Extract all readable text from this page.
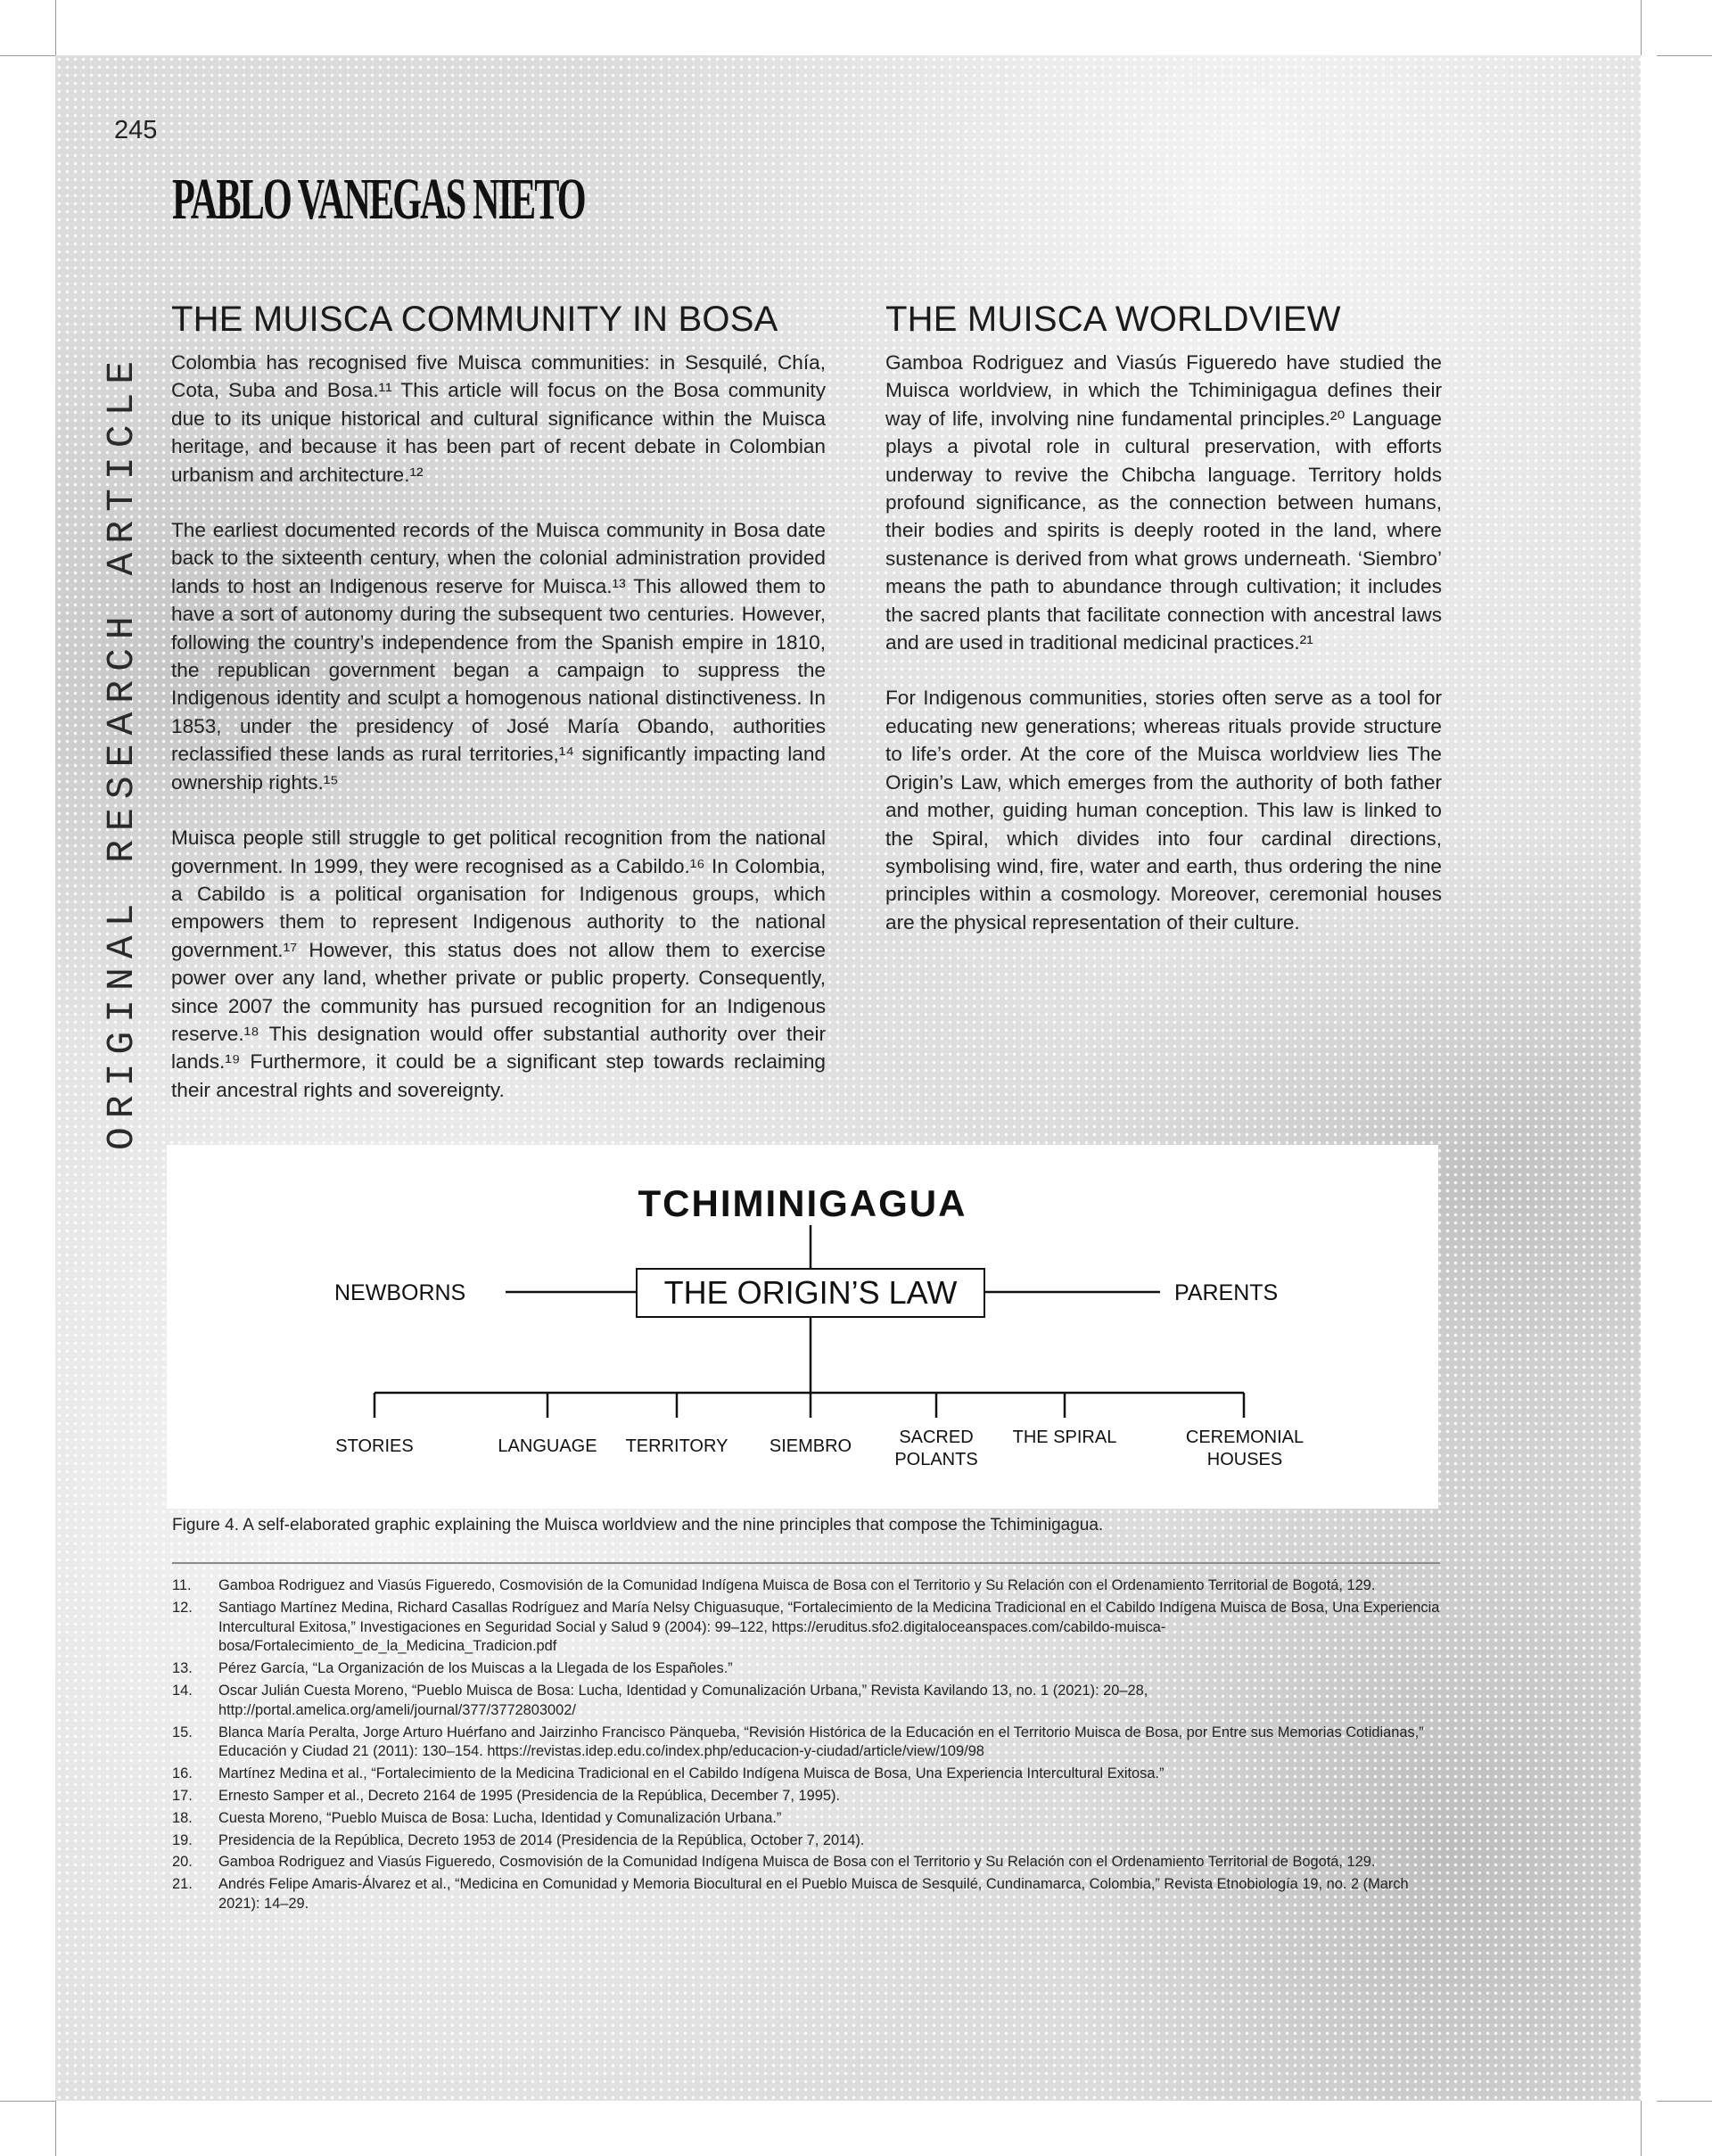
245
PABLO VANEGAS NIETO
ORIGINAL RESEARCH ARTICLE
THE MUISCA COMMUNITY IN BOSA

Colombia has recognised five Muisca communities: in Sesquilé, Chía, Cota, Suba and Bosa.¹¹ This article will focus on the Bosa community due to its unique historical and cultural significance within the Muisca heritage, and because it has been part of recent debate in Colombian urbanism and architecture.¹²

The earliest documented records of the Muisca community in Bosa date back to the sixteenth century, when the colonial administration provided lands to host an Indigenous reserve for Muisca.¹³ This allowed them to have a sort of autonomy during the subsequent two centuries. However, following the country’s independence from the Spanish empire in 1810, the republican government began a campaign to suppress the Indigenous identity and sculpt a homogenous national distinctiveness. In 1853, under the presidency of José María Obando, authorities reclassified these lands as rural territories,¹⁴ significantly impacting land ownership rights.¹⁵

Muisca people still struggle to get political recognition from the national government. In 1999, they were recognised as a Cabildo.¹⁶ In Colombia, a Cabildo is a political organisation for Indigenous groups, which empowers them to represent Indigenous authority to the national government.¹⁷ However, this status does not allow them to exercise power over any land, whether private or public property. Consequently, since 2007 the community has pursued recognition for an Indigenous reserve.¹⁸ This designation would offer substantial authority over their lands.¹⁹ Furthermore, it could be a significant step towards reclaiming their ancestral rights and sovereignty.

THE MUISCA WORLDVIEW

Gamboa Rodriguez and Viasús Figueredo have studied the Muisca worldview, in which the Tchiminigagua defines their way of life, involving nine fundamental principles.²⁰ Language plays a pivotal role in cultural preservation, with efforts underway to revive the Chibcha language. Territory holds profound significance, as the connection between humans, their bodies and spirits is deeply rooted in the land, where sustenance is derived from what grows underneath. ‘Siembro’ means the path to abundance through cultivation; it includes the sacred plants that facilitate connection with ancestral laws and are used in traditional medicinal practices.²¹

For Indigenous communities, stories often serve as a tool for educating new generations; whereas rituals provide structure to life’s order. At the core of the Muisca worldview lies The Origin’s Law, which emerges from the authority of both father and mother, guiding human conception. This law is linked to the Spiral, which divides into four cardinal directions, symbolising wind, fire, water and earth, thus ordering the nine principles within a cosmology. Moreover, ceremonial houses are the physical representation of their culture.

TCHIMINIGAGUA
THE ORIGIN’S LAW
NEWBORNS	PARENTS
STORIES	LANGUAGE	TERRITORY	SIEMBRO	SACRED POLANTS
THE SPIRAL	CEREMONIAL HOUSES
Figure 4. A self-elaborated graphic explaining the Muisca worldview and the nine principles that compose the Tchiminigagua.
11.	Gamboa Rodriguez and Viasús Figueredo, Cosmovisión de la Comunidad Indígena Muisca de Bosa con el Territorio y Su Relación con el Ordenamiento Territorial de Bogotá, 129.
12.	Santiago Martínez Medina, Richard Casallas Rodríguez and María Nelsy Chiguasuque, “Fortalecimiento de la Medicina Tradicional en el Cabildo Indígena Muisca de Bosa, Una Experiencia Intercultural Exitosa,” Investigaciones en Seguridad Social y Salud 9 (2004): 99–122, https://eruditus.sfo2.digitaloceanspaces.com/cabildo-muisca-bosa/Fortalecimiento_de_la_Medicina_Tradicion.pdf
13.	Pérez García, “La Organización de los Muiscas a la Llegada de los Españoles.”
14.	Oscar Julián Cuesta Moreno, “Pueblo Muisca de Bosa: Lucha, Identidad y Comunalización Urbana,” Revista Kavilando 13, no. 1 (2021): 20–28, http://portal.amelica.org/ameli/journal/377/3772803002/
15.	Blanca María Peralta, Jorge Arturo Huérfano and Jairzinho Francisco Pänqueba, “Revisión Histórica de la Educación en el Territorio Muisca de Bosa, por Entre sus Memorias Cotidianas,” Educación y Ciudad 21 (2011): 130–154. https://revistas.idep.edu.co/index.php/educacion-y-ciudad/article/view/109/98
16.	Martínez Medina et al., “Fortalecimiento de la Medicina Tradicional en el Cabildo Indígena Muisca de Bosa, Una Experiencia Intercultural Exitosa.”
17.	Ernesto Samper et al., Decreto 2164 de 1995 (Presidencia de la República, December 7, 1995).
18.	Cuesta Moreno, “Pueblo Muisca de Bosa: Lucha, Identidad y Comunalización Urbana.”
19.	Presidencia de la República, Decreto 1953 de 2014 (Presidencia de la República, October 7, 2014).
20.	Gamboa Rodriguez and Viasús Figueredo, Cosmovisión de la Comunidad Indígena Muisca de Bosa con el Territorio y Su Relación con el Ordenamiento Territorial de Bogotá, 129.
21.	Andrés Felipe Amaris-Álvarez et al., “Medicina en Comunidad y Memoria Biocultural en el Pueblo Muisca de Sesquilé, Cundinamarca, Colombia,” Revista Etnobiología 19, no. 2 (March 2021): 14–29.
